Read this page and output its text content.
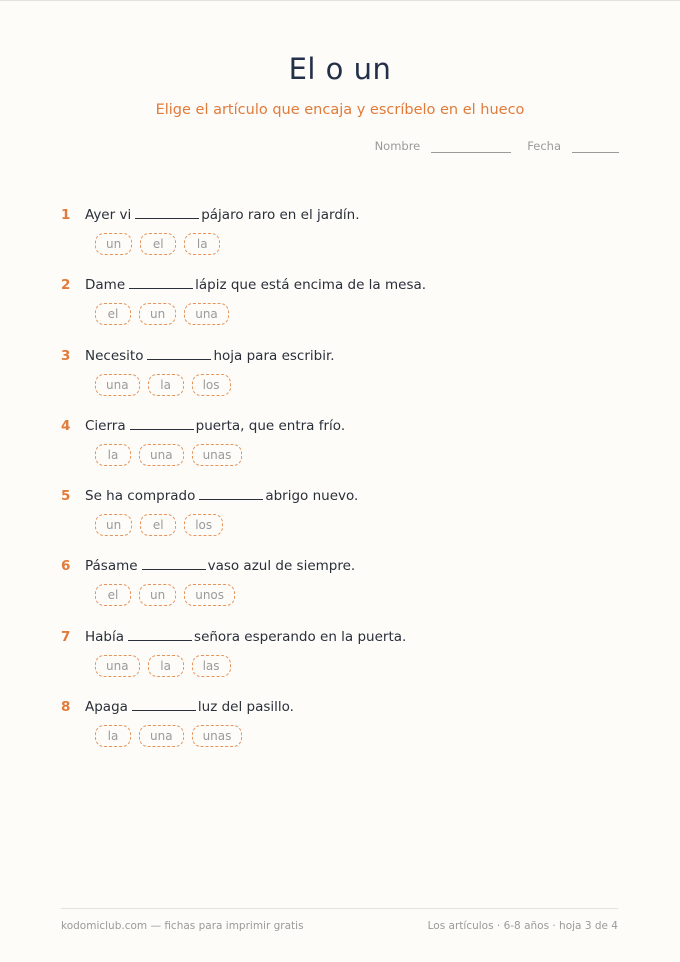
El o un

Elige el artículo que encaja y escríbelo en el hueco

Nombre	Fecha
1	Ayer vi	pájaro raro en el jardín.
un	el	la
2	Dame	lápiz que está encima de la mesa.
el	un	una
3	Necesito	hoja para escribir.
una	la	los
4	Cierra	puerta, que entra frío.
la	una	unas
5	Se ha comprado	abrigo nuevo.
un	el	los
6	Pásame	vaso azul de siempre.
el	un	unos
7	Había	señora esperando en la puerta.
una	la	las
8	Apaga	luz del pasillo.
la	una	unas
kodomiclub.com — fichas para imprimir gratis	Los artículos · 6-8 años · hoja 3 de 4
